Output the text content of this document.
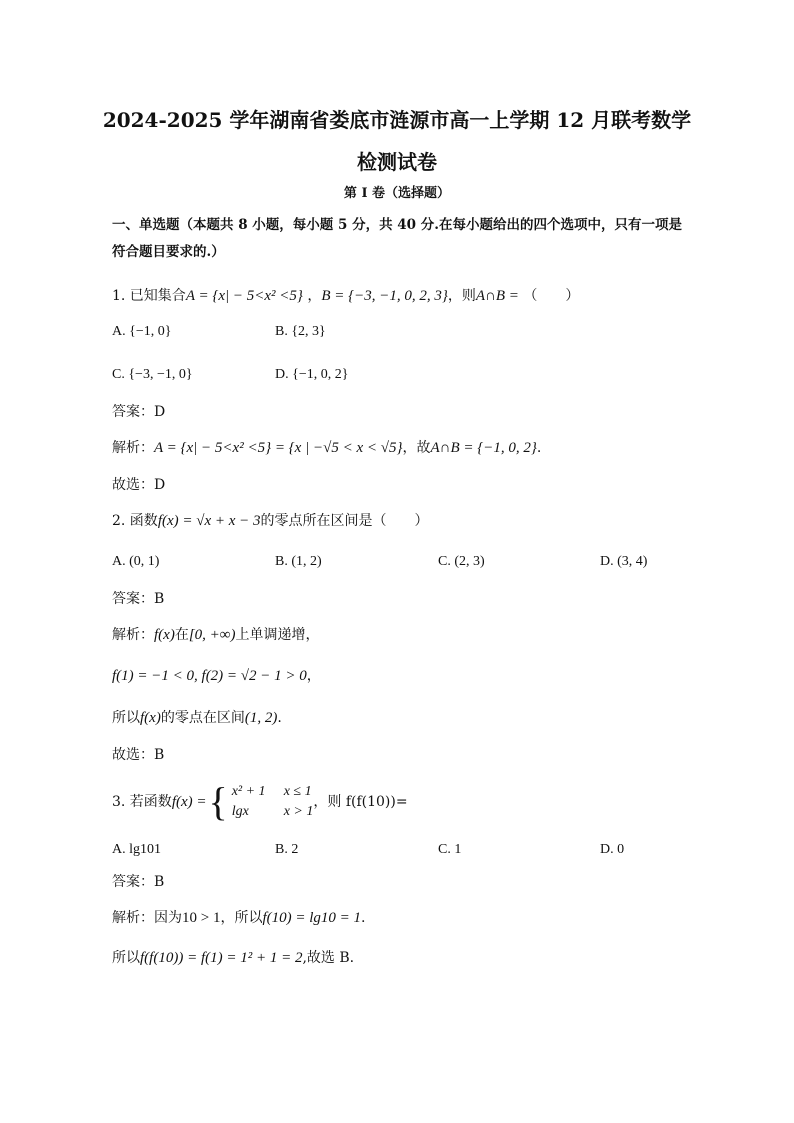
2024-2025 学年湖南省娄底市涟源市高一上学期 12 月联考数学
检测试卷
第 I 卷（选择题）
一、单选题（本题共 8 小题，每小题 5 分，共 40 分.在每小题给出的四个选项中，只有一项是
符合题目要求的.）
1. 已知集合A = {x| − 5<x² <5} ，B = {−3, −1, 0, 2, 3}，则A∩B = （　　）
A. {−1, 0}	B. {2, 3}
C. {−3, −1, 0}	D. {−1, 0, 2}
答案：D
解析：A = {x| − 5<x² <5} = {x | −√5 < x < √5}，故A∩B = {−1, 0, 2}.
故选：D
2. 函数f(x) = √x + x − 3的零点所在区间是（　　）
A. (0, 1)	B. (1, 2)	C. (2, 3)	D. (3, 4)
答案：B
解析：f(x)在[0, +∞)上单调递增，
f(1) = −1 < 0, f(2) = √2 − 1 > 0，
所以f(x)的零点在区间(1, 2).
故选：B
3. 若函数 f(x) = { x² + 1 x ≤ 1
lgx x > 1
，则 f(f(10))=
A. lg101	B. 2	C. 1	D. 0
答案：B
解析：因为10 > 1，所以f(10) = lg10 = 1.
所以f(f(10)) = f(1) = 1² + 1 = 2,故选 B.
